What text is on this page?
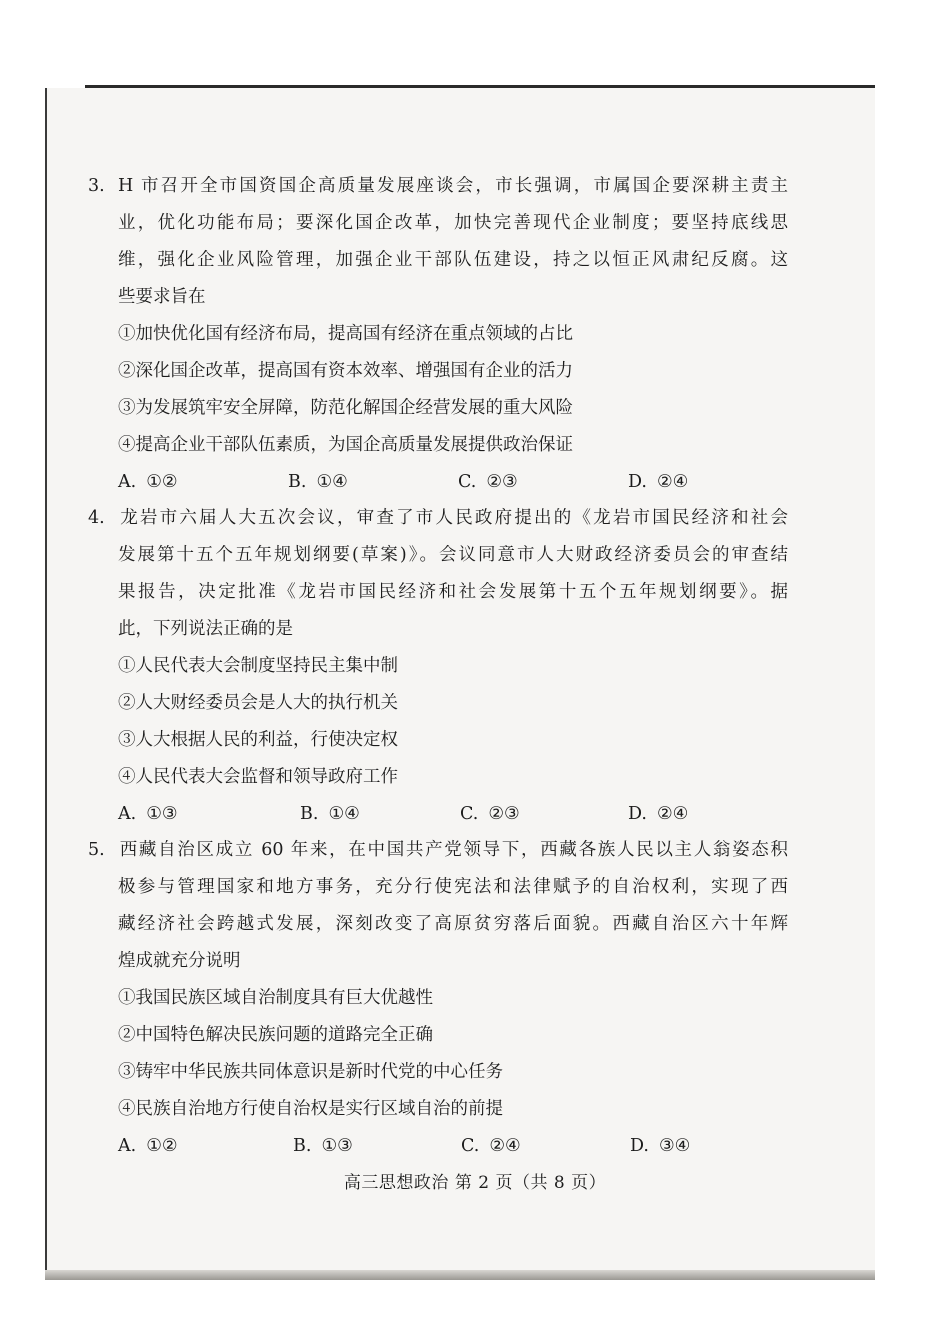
3. H 市召开全市国资国企高质量发展座谈会，市长强调，市属国企要深耕主责主
业，优化功能布局；要深化国企改革，加快完善现代企业制度；要坚持底线思
维，强化企业风险管理，加强企业干部队伍建设，持之以恒正风肃纪反腐。这
些要求旨在
①加快优化国有经济布局，提高国有经济在重点领域的占比
②深化国企改革，提高国有资本效率、增强国有企业的活力
③为发展筑牢安全屏障，防范化解国企经营发展的重大风险
④提高企业干部队伍素质，为国企高质量发展提供政治保证
A. ①②	B. ①④	C. ②③	D. ②④
4. 龙岩市六届人大五次会议，审查了市人民政府提出的《龙岩市国民经济和社会
发展第十五个五年规划纲要(草案)》。会议同意市人大财政经济委员会的审查结
果报告，决定批准《龙岩市国民经济和社会发展第十五个五年规划纲要》。据
此，下列说法正确的是
①人民代表大会制度坚持民主集中制
②人大财经委员会是人大的执行机关
③人大根据人民的利益，行使决定权
④人民代表大会监督和领导政府工作
A. ①③	B. ①④	C. ②③	D. ②④
5. 西藏自治区成立 60 年来，在中国共产党领导下，西藏各族人民以主人翁姿态积
极参与管理国家和地方事务，充分行使宪法和法律赋予的自治权利，实现了西
藏经济社会跨越式发展，深刻改变了高原贫穷落后面貌。西藏自治区六十年辉
煌成就充分说明
①我国民族区域自治制度具有巨大优越性
②中国特色解决民族问题的道路完全正确
③铸牢中华民族共同体意识是新时代党的中心任务
④民族自治地方行使自治权是实行区域自治的前提
A. ①②	B. ①③	C. ②④	D. ③④
高三思想政治 第 2 页（共 8 页）
